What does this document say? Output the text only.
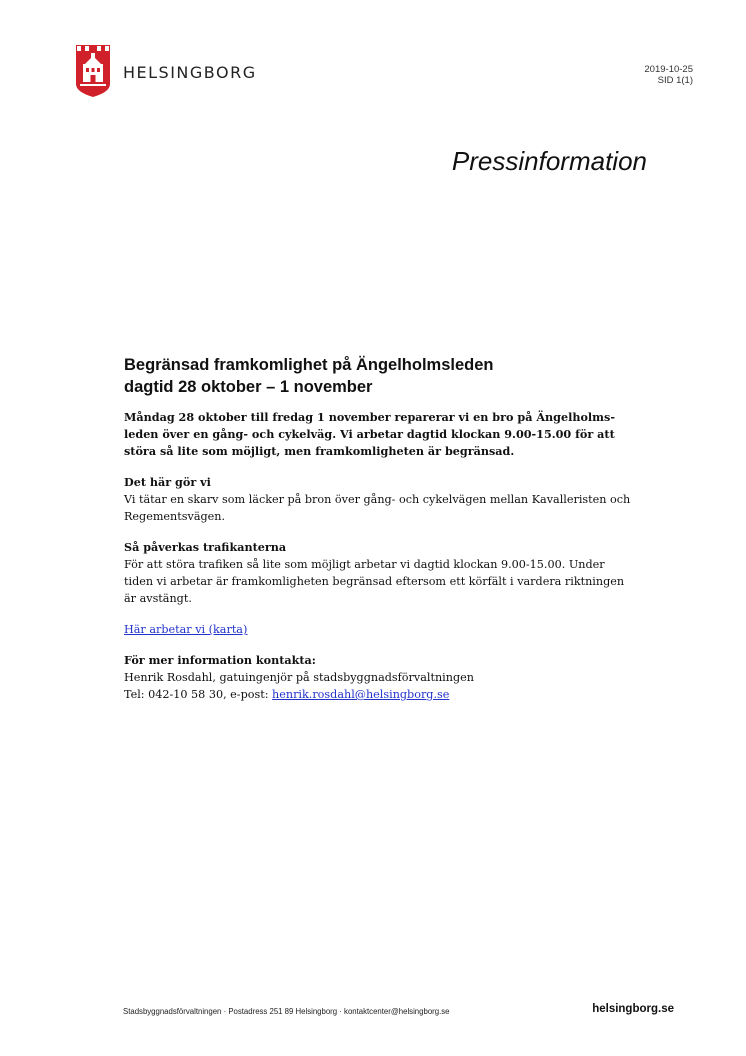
HELSINGBORG	2019-10-25
SID 1(1)
Pressinformation
Begränsad framkomlighet på Ängelholmsleden
dagtid 28 oktober – 1 november
Måndag 28 oktober till fredag 1 november reparerar vi en bro på Ängelholms-
leden över en gång- och cykelväg. Vi arbetar dagtid klockan 9.00-15.00 för att
störa så lite som möjligt, men framkomligheten är begränsad.
Det här gör vi
Vi tätar en skarv som läcker på bron över gång- och cykelvägen mellan Kavalleristen och
Regementsvägen.
Så påverkas trafikanterna
För att störa trafiken så lite som möjligt arbetar vi dagtid klockan 9.00-15.00. Under
tiden vi arbetar är framkomligheten begränsad eftersom ett körfält i vardera riktningen
är avstängt.
Här arbetar vi (karta)
För mer information kontakta:
Henrik Rosdahl, gatuingenjör på stadsbyggnadsförvaltningen
Tel: 042-10 58 30, e-post: henrik.rosdahl@helsingborg.se
Stadsbyggnadsförvaltningen · Postadress 251 89 Helsingborg · kontaktcenter@helsingborg.se	helsingborg.se
